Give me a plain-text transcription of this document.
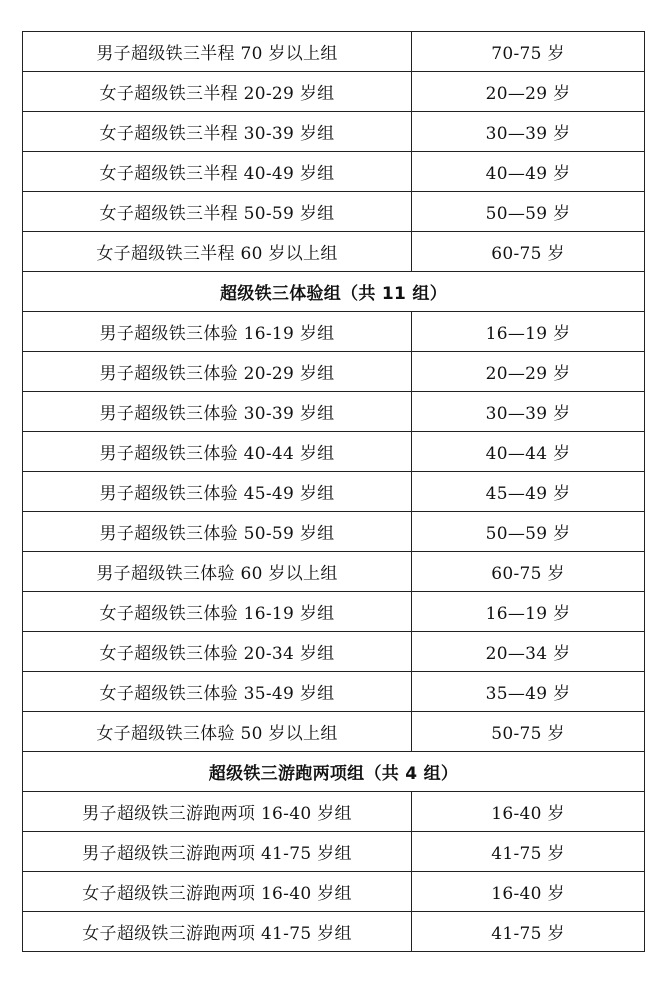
男子超级铁三半程 70 岁以上组	70-75 岁
女子超级铁三半程 20-29 岁组	20—29 岁
女子超级铁三半程 30-39 岁组	30—39 岁
女子超级铁三半程 40-49 岁组	40—49 岁
女子超级铁三半程 50-59 岁组	50—59 岁
女子超级铁三半程 60 岁以上组	60-75 岁
超级铁三体验组（共 11 组）	
男子超级铁三体验 16-19 岁组	16—19 岁
男子超级铁三体验 20-29 岁组	20—29 岁
男子超级铁三体验 30-39 岁组	30—39 岁
男子超级铁三体验 40-44 岁组	40—44 岁
男子超级铁三体验 45-49 岁组	45—49 岁
男子超级铁三体验 50-59 岁组	50—59 岁
男子超级铁三体验 60 岁以上组	60-75 岁
女子超级铁三体验 16-19 岁组	16—19 岁
女子超级铁三体验 20-34 岁组	20—34 岁
女子超级铁三体验 35-49 岁组	35—49 岁
女子超级铁三体验 50 岁以上组	50-75 岁
超级铁三游跑两项组（共 4 组）	
男子超级铁三游跑两项 16-40 岁组	16-40 岁
男子超级铁三游跑两项 41-75 岁组	41-75 岁
女子超级铁三游跑两项 16-40 岁组	16-40 岁
女子超级铁三游跑两项 41-75 岁组	41-75 岁
